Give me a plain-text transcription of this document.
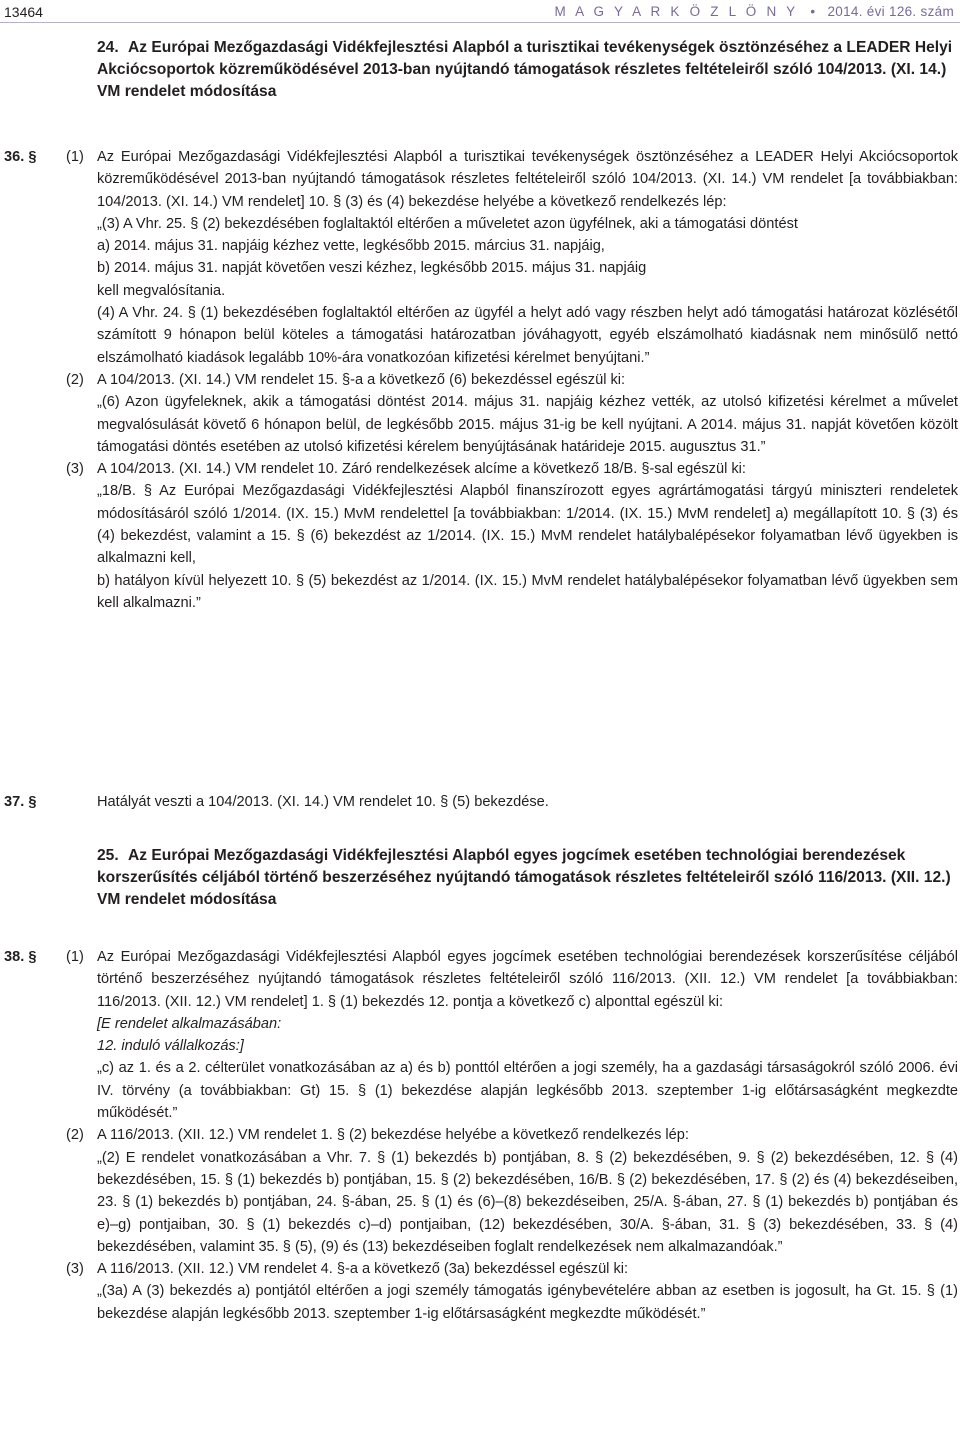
13464	M A G Y A R K Ö Z L Ö N Y • 2014. évi 126. szám
24. Az Európai Mezőgazdasági Vidékfejlesztési Alapból a turisztikai tevékenységek ösztönzéséhez a LEADER Helyi Akciócsoportok közreműködésével 2013-ban nyújtandó támogatások részletes feltételeiről szóló 104/2013. (XI. 14.) VM rendelet módosítása
36. § (1) Az Európai Mezőgazdasági Vidékfejlesztési Alapból a turisztikai tevékenységek ösztönzéséhez a LEADER Helyi Akciócsoportok közreműködésével 2013-ban nyújtandó támogatások részletes feltételeiről szóló 104/2013. (XI. 14.) VM rendelet [a továbbiakban: 104/2013. (XI. 14.) VM rendelet] 10. § (3) és (4) bekezdése helyébe a következő rendelkezés lép:

„(3) A Vhr. 25. § (2) bekezdésében foglaltaktól eltérően a műveletet azon ügyfélnek, aki a támogatási döntést

a) 2014. május 31. napjáig kézhez vette, legkésőbb 2015. március 31. napjáig,

b) 2014. május 31. napját követően veszi kézhez, legkésőbb 2015. május 31. napjáig

kell megvalósítania.

(4) A Vhr. 24. § (1) bekezdésében foglaltaktól eltérően az ügyfél a helyt adó vagy részben helyt adó támogatási határozat közlésétől számított 9 hónapon belül köteles a támogatási határozatban jóváhagyott, egyéb elszámolható kiadásnak nem minősülő nettó elszámolható kiadások legalább 10%-ára vonatkozóan kifizetési kérelmet benyújtani.”

(2) A 104/2013. (XI. 14.) VM rendelet 15. §-a a következő (6) bekezdéssel egészül ki:

„(6) Azon ügyfeleknek, akik a támogatási döntést 2014. május 31. napjáig kézhez vették, az utolsó kifizetési kérelmet a művelet megvalósulását követő 6 hónapon belül, de legkésőbb 2015. május 31-ig be kell nyújtani. A 2014. május 31. napját követően közölt támogatási döntés esetében az utolsó kifizetési kérelem benyújtásának határideje 2015. augusztus 31.”

(3) A 104/2013. (XI. 14.) VM rendelet 10. Záró rendelkezések alcíme a következő 18/B. §-sal egészül ki:

„18/B. § Az Európai Mezőgazdasági Vidékfejlesztési Alapból finanszírozott egyes agrártámogatási tárgyú miniszteri rendeletek módosításáról szóló 1/2014. (IX. 15.) MvM rendelettel [a továbbiakban: 1/2014. (IX. 15.) MvM rendelet] a) megállapított 10. § (3) és (4) bekezdést, valamint a 15. § (6) bekezdést az 1/2014. (IX. 15.) MvM rendelet hatálybalépésekor folyamatban lévő ügyekben is alkalmazni kell,

b) hatályon kívül helyezett 10. § (5) bekezdést az 1/2014. (IX. 15.) MvM rendelet hatálybalépésekor folyamatban lévő ügyekben sem kell alkalmazni.”

37. §	Hatályát veszti a 104/2013. (XI. 14.) VM rendelet 10. § (5) bekezdése.

25. Az Európai Mezőgazdasági Vidékfejlesztési Alapból egyes jogcímek esetében technológiai berendezések korszerűsítés céljából történő beszerzéséhez nyújtandó támogatások részletes feltételeiről szóló 116/2013. (XII. 12.) VM rendelet módosítása
38. § (1) Az Európai Mezőgazdasági Vidékfejlesztési Alapból egyes jogcímek esetében technológiai berendezések korszerűsítése céljából történő beszerzéséhez nyújtandó támogatások részletes feltételeiről szóló 116/2013. (XII. 12.) VM rendelet [a továbbiakban: 116/2013. (XII. 12.) VM rendelet] 1. § (1) bekezdés 12. pontja a következő c) alponttal egészül ki:

[E rendelet alkalmazásában:

12. induló vállalkozás:]

„c) az 1. és a 2. célterület vonatkozásában az a) és b) ponttól eltérően a jogi személy, ha a gazdasági társaságokról szóló 2006. évi IV. törvény (a továbbiakban: Gt) 15. § (1) bekezdése alapján legkésőbb 2013. szeptember 1-ig előtársaságként megkezdte működését.”

(2) A 116/2013. (XII. 12.) VM rendelet 1. § (2) bekezdése helyébe a következő rendelkezés lép:

„(2) E rendelet vonatkozásában a Vhr. 7. § (1) bekezdés b) pontjában, 8. § (2) bekezdésében, 9. § (2) bekezdésében, 12. § (4) bekezdésében, 15. § (1) bekezdés b) pontjában, 15. § (2) bekezdésében, 16/B. § (2) bekezdésében, 17. § (2) és (4) bekezdéseiben, 23. § (1) bekezdés b) pontjában, 24. §-ában, 25. § (1) és (6)–(8) bekezdéseiben, 25/A. §-ában, 27. § (1) bekezdés b) pontjában és e)–g) pontjaiban, 30. § (1) bekezdés c)–d) pontjaiban, (12) bekezdésében, 30/A. §-ában, 31. § (3) bekezdésében, 33. § (4) bekezdésében, valamint 35. § (5), (9) és (13) bekezdéseiben foglalt rendelkezések nem alkalmazandóak.”

(3) A 116/2013. (XII. 12.) VM rendelet 4. §-a a következő (3a) bekezdéssel egészül ki:

„(3a) A (3) bekezdés a) pontjától eltérően a jogi személy támogatás igénybevételére abban az esetben is jogosult, ha Gt. 15. § (1) bekezdése alapján legkésőbb 2013. szeptember 1-ig előtársaságként megkezdte működését.”
